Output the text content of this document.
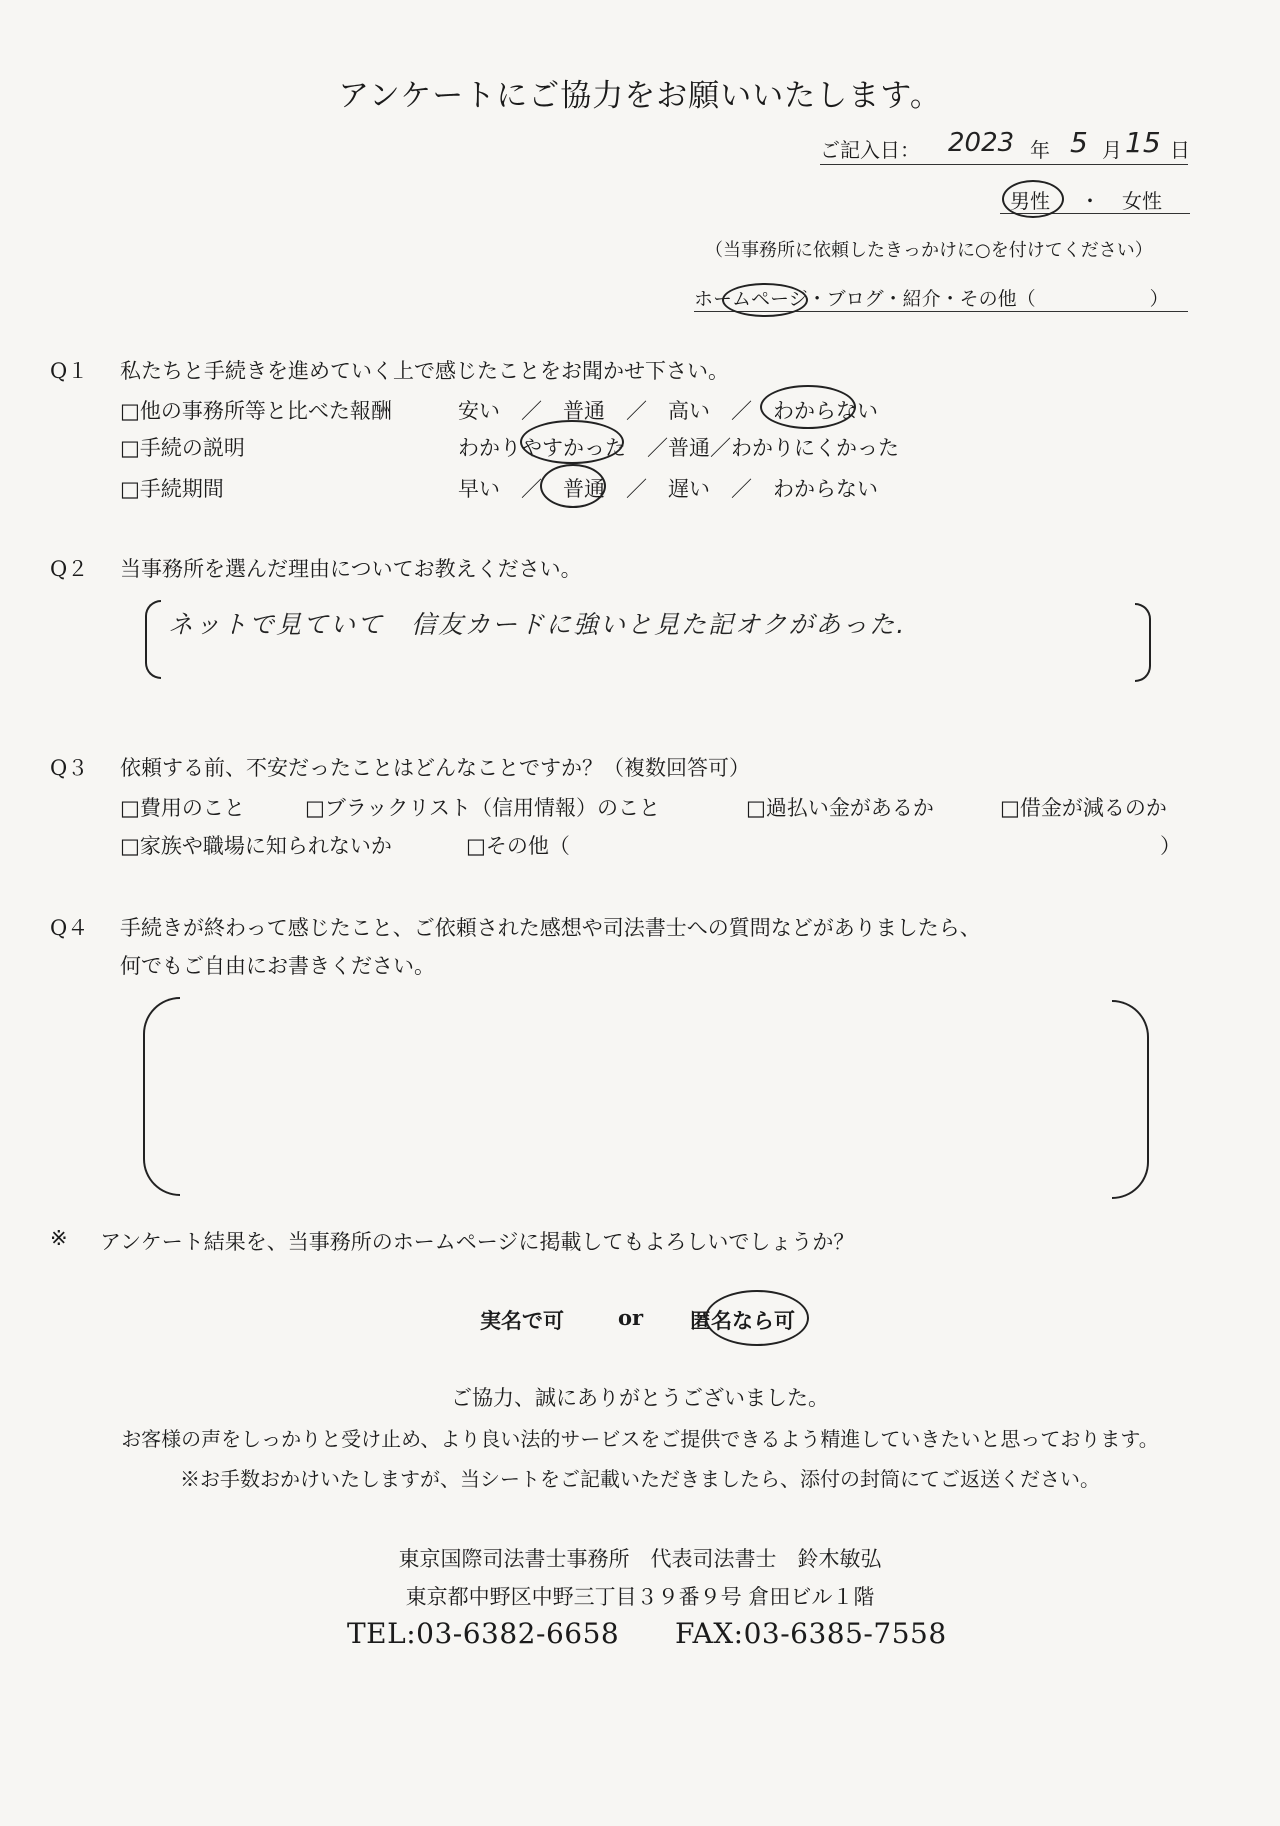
アンケートにご協力をお願いいたします。
ご記入日： 2023 年 5 月 15 日
男性 ・ 女性
（当事務所に依頼したきっかけに○を付けてください）
ホームページ・ブログ・紹介・その他（　　　　　　）
Q１ 私たちと手続きを進めていく上で感じたことをお聞かせ下さい。
□他の事務所等と比べた報酬	安い　／　普通　／　高い　／　わからない
□手続の説明	わかりやすかった　／普通／わかりにくかった
□手続期間	早い　／　普通　／　遅い　／　わからない
Q２ 当事務所を選んだ理由についてお教えください。
ネットで見ていて　信友カードに強いと見た記オクがあった.
Q３ 依頼する前、不安だったことはどんなことですか？（複数回答可）
□費用のこと	□ブラックリスト（信用情報）のこと	□過払い金があるか	□借金が減るのか
□家族や職場に知られないか	□その他（	）
Q４ 手続きが終わって感じたこと、ご依頼された感想や司法書士への質問などがありましたら、
何でもご自由にお書きください。
※ アンケート結果を、当事務所のホームページに掲載してもよろしいでしょうか？
実名で可	or 匿名なら可
ご協力、誠にありがとうございました。
お客様の声をしっかりと受け止め、より良い法的サービスをご提供できるよう精進していきたいと思っております。
※お手数おかけいたしますが、当シートをご記載いただきましたら、添付の封筒にてご返送ください。
東京国際司法書士事務所　代表司法書士　鈴木敏弘
東京都中野区中野三丁目３９番９号 倉田ビル１階
TEL:03-6382-6658 FAX:03-6385-7558
